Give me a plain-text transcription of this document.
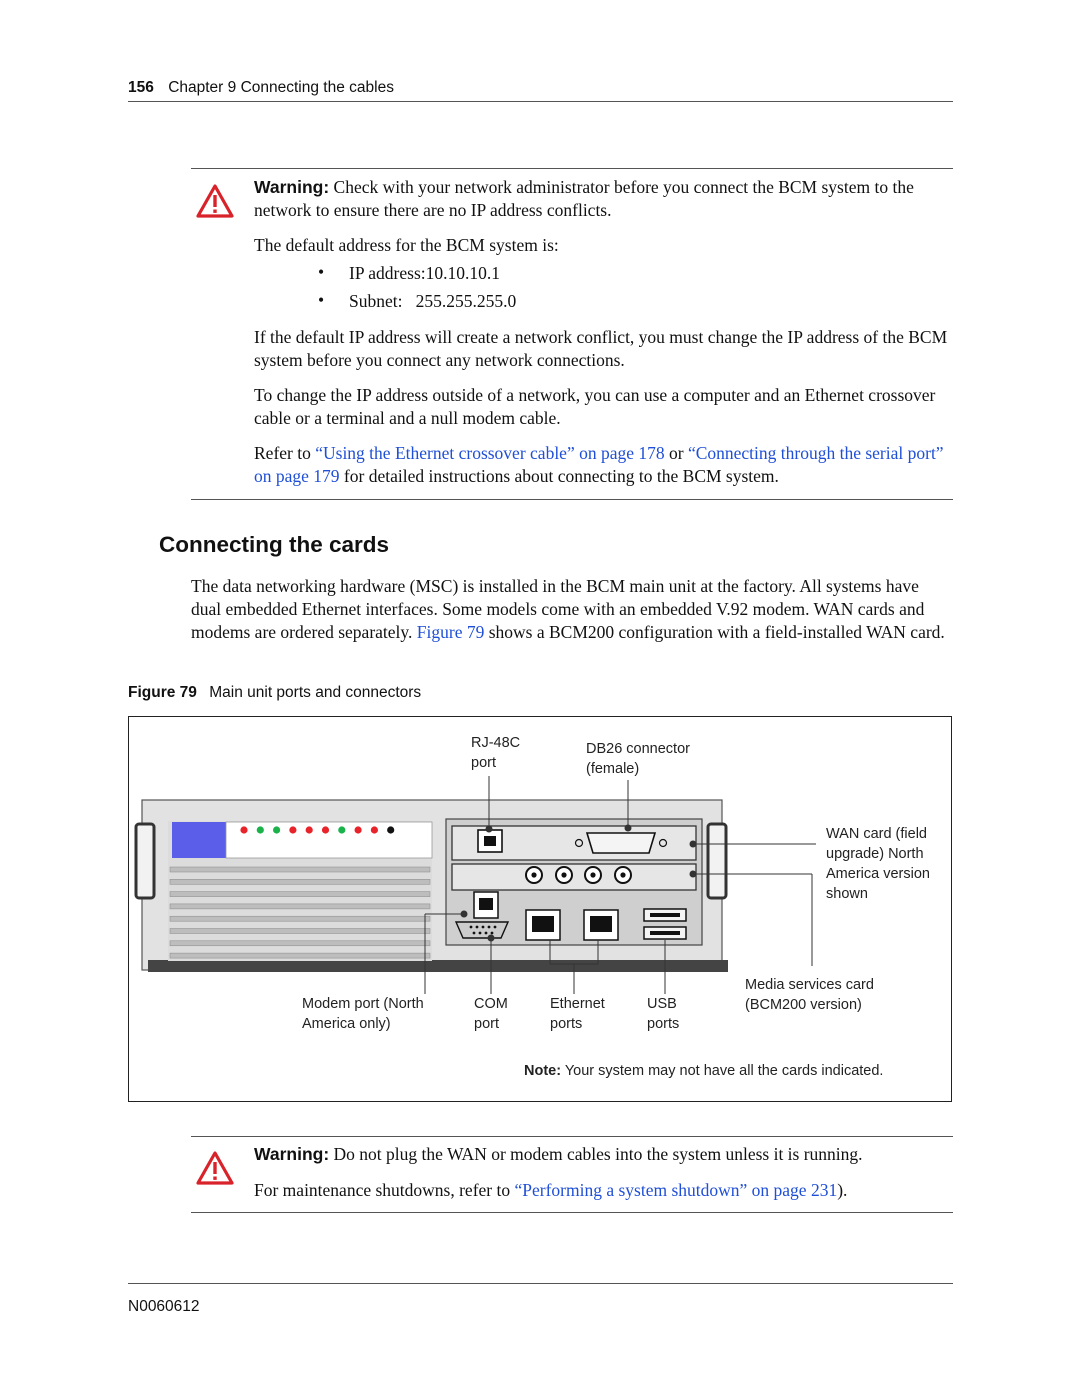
156 Chapter 9 Connecting the cables
Warning: Check with your network administrator before you connect the BCM system to the network to ensure there are no IP address conflicts.
The default address for the BCM system is:
• IP address:10.10.10.1
• Subnet:   255.255.255.0
If the default IP address will create a network conflict, you must change the IP address of the BCM system before you connect any network connections.
To change the IP address outside of a network, you can use a computer and an Ethernet crossover cable or a terminal and a null modem cable.
Refer to “Using the Ethernet crossover cable” on page 178 or “Connecting through the serial port” on page 179 for detailed instructions about connecting to the BCM system.
Connecting the cards
The data networking hardware (MSC) is installed in the BCM main unit at the factory. All systems have dual embedded Ethernet interfaces. Some models come with an embedded V.92 modem. WAN cards and modems are ordered separately. Figure 79 shows a BCM200 configuration with a field-installed WAN card.
Figure 79 Main unit ports and connectors
RJ-48C
port
DB26 connector
(female)
WAN card (field
upgrade) North
America version
shown
Media services card
(BCM200 version)
Modem port (North
America only)
COM
port
Ethernet
ports
USB
ports
Note: Your system may not have all the cards indicated.
Warning: Do not plug the WAN or modem cables into the system unless it is running.
For maintenance shutdowns, refer to “Performing a system shutdown” on page 231).
N0060612
